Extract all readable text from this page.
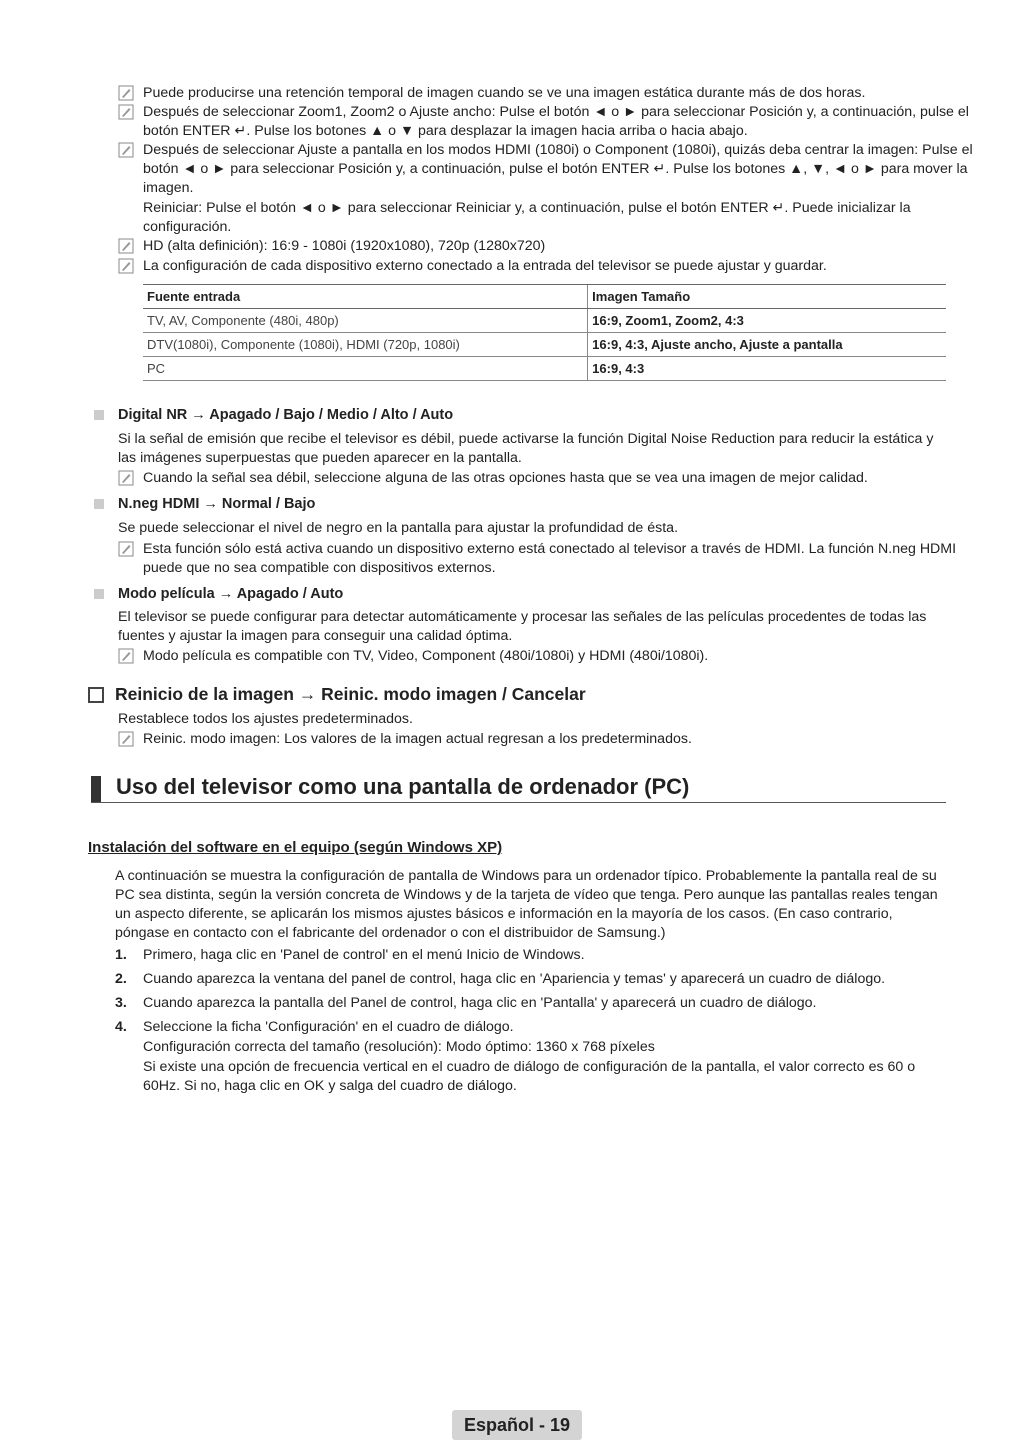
Puede producirse una retención temporal de imagen cuando se ve una imagen estática durante más de dos horas.

Después de seleccionar Zoom1, Zoom2 o Ajuste ancho: Pulse el botón ◄ o ► para seleccionar Posición y, a continuación, pulse el botón ENTER ↵. Pulse los botones ▲ o ▼ para desplazar la imagen hacia arriba o hacia abajo.

Después de seleccionar Ajuste a pantalla en los modos HDMI (1080i) o Component (1080i), quizás deba centrar la imagen: Pulse el botón ◄ o ► para seleccionar Posición y, a continuación, pulse el botón ENTER ↵. Pulse los botones ▲, ▼, ◄ o ► para mover la imagen.

Reiniciar: Pulse el botón ◄ o ► para seleccionar Reiniciar y, a continuación, pulse el botón ENTER ↵. Puede inicializar la configuración.

HD (alta definición): 16:9 - 1080i (1920x1080), 720p (1280x720)

La configuración de cada dispositivo externo conectado a la entrada del televisor se puede ajustar y guardar.

Fuente entrada	Imagen Tamaño
TV, AV, Componente (480i, 480p)	16:9, Zoom1, Zoom2, 4:3
DTV(1080i), Componente (1080i), HDMI (720p, 1080i)	16:9, 4:3, Ajuste ancho, Ajuste a pantalla
PC	16:9, 4:3
Digital NR → Apagado / Bajo / Medio / Alto / Auto

Si la señal de emisión que recibe el televisor es débil, puede activarse la función Digital Noise Reduction para reducir la estática y las imágenes superpuestas que pueden aparecer en la pantalla.

Cuando la señal sea débil, seleccione alguna de las otras opciones hasta que se vea una imagen de mejor calidad.

N.neg HDMI → Normal / Bajo

Se puede seleccionar el nivel de negro en la pantalla para ajustar la profundidad de ésta.

Esta función sólo está activa cuando un dispositivo externo está conectado al televisor a través de HDMI. La función N.neg HDMI puede que no sea compatible con dispositivos externos.

Modo película → Apagado / Auto

El televisor se puede configurar para detectar automáticamente y procesar las señales de las películas procedentes de todas las fuentes y ajustar la imagen para conseguir una calidad óptima.

Modo película es compatible con TV, Video, Component (480i/1080i) y HDMI (480i/1080i).

Reinicio de la imagen → Reinic. modo imagen / Cancelar

Restablece todos los ajustes predeterminados.

Reinic. modo imagen: Los valores de la imagen actual regresan a los predeterminados.

Uso del televisor como una pantalla de ordenador (PC)
Instalación del software en el equipo (según Windows XP)

A continuación se muestra la configuración de pantalla de Windows para un ordenador típico. Probablemente la pantalla real de su PC sea distinta, según la versión concreta de Windows y de la tarjeta de vídeo que tenga. Pero aunque las pantallas reales tengan un aspecto diferente, se aplicarán los mismos ajustes básicos e información en la mayoría de los casos. (En caso contrario, póngase en contacto con el fabricante del ordenador o con el distribuidor de Samsung.)

1. Primero, haga clic en 'Panel de control' en el menú Inicio de Windows.
2. Cuando aparezca la ventana del panel de control, haga clic en 'Apariencia y temas' y aparecerá un cuadro de diálogo.
3. Cuando aparezca la pantalla del Panel de control, haga clic en 'Pantalla' y aparecerá un cuadro de diálogo.
4. Seleccione la ficha 'Configuración' en el cuadro de diálogo.

Configuración correcta del tamaño (resolución): Modo óptimo: 1360 x 768 píxeles

Si existe una opción de frecuencia vertical en el cuadro de diálogo de configuración de la pantalla, el valor correcto es 60 o 60Hz. Si no, haga clic en OK y salga del cuadro de diálogo.

Español - 19
